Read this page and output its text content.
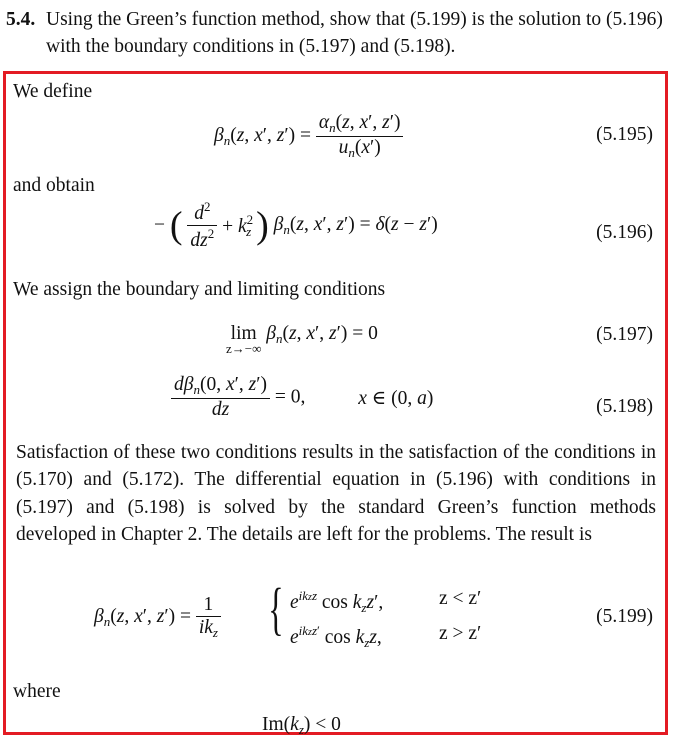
5.4. Using the Green’s function method, show that (5.199) is the solution to (5.196)
with the boundary conditions in (5.197) and (5.198).
We define
$\beta_n(z$, x′, $z') = \frac{\alpha_n(z, x', z')}{u_n(x')}$	(5.195)
and obtain
− ( $\frac{d^2}{dz^2} + k^2_z$ ) $\beta_n(z$, x′, z′) = δ(z − z′)	(5.196)
We assign the boundary and limiting conditions
lim
z→−∞
$\beta_n(z$, x′, z′) = 0	(5.197)
$\frac{d\beta_n(0, x', z')}{dz} = 0$,	x ∈ (0, a)	(5.198)
Satisfaction of these two conditions results in the satisfaction of the conditions in (5.170) and (5.172). The differential equation in (5.196) with conditions in (5.197) and (5.198) is solved by the standard Green’s function methods developed in Chapter 2. The details are left for the problems. The result is
$\beta_n(z$, x′, $z') = \frac{1}{ik_z}$ { $e^{ikzz}$ $\cos k_zz'$,	z < z′
$e^{ikzz'}$ $\cos k_zz$,	z > z′
(5.199)
where
$Im(k_z) < 0$
